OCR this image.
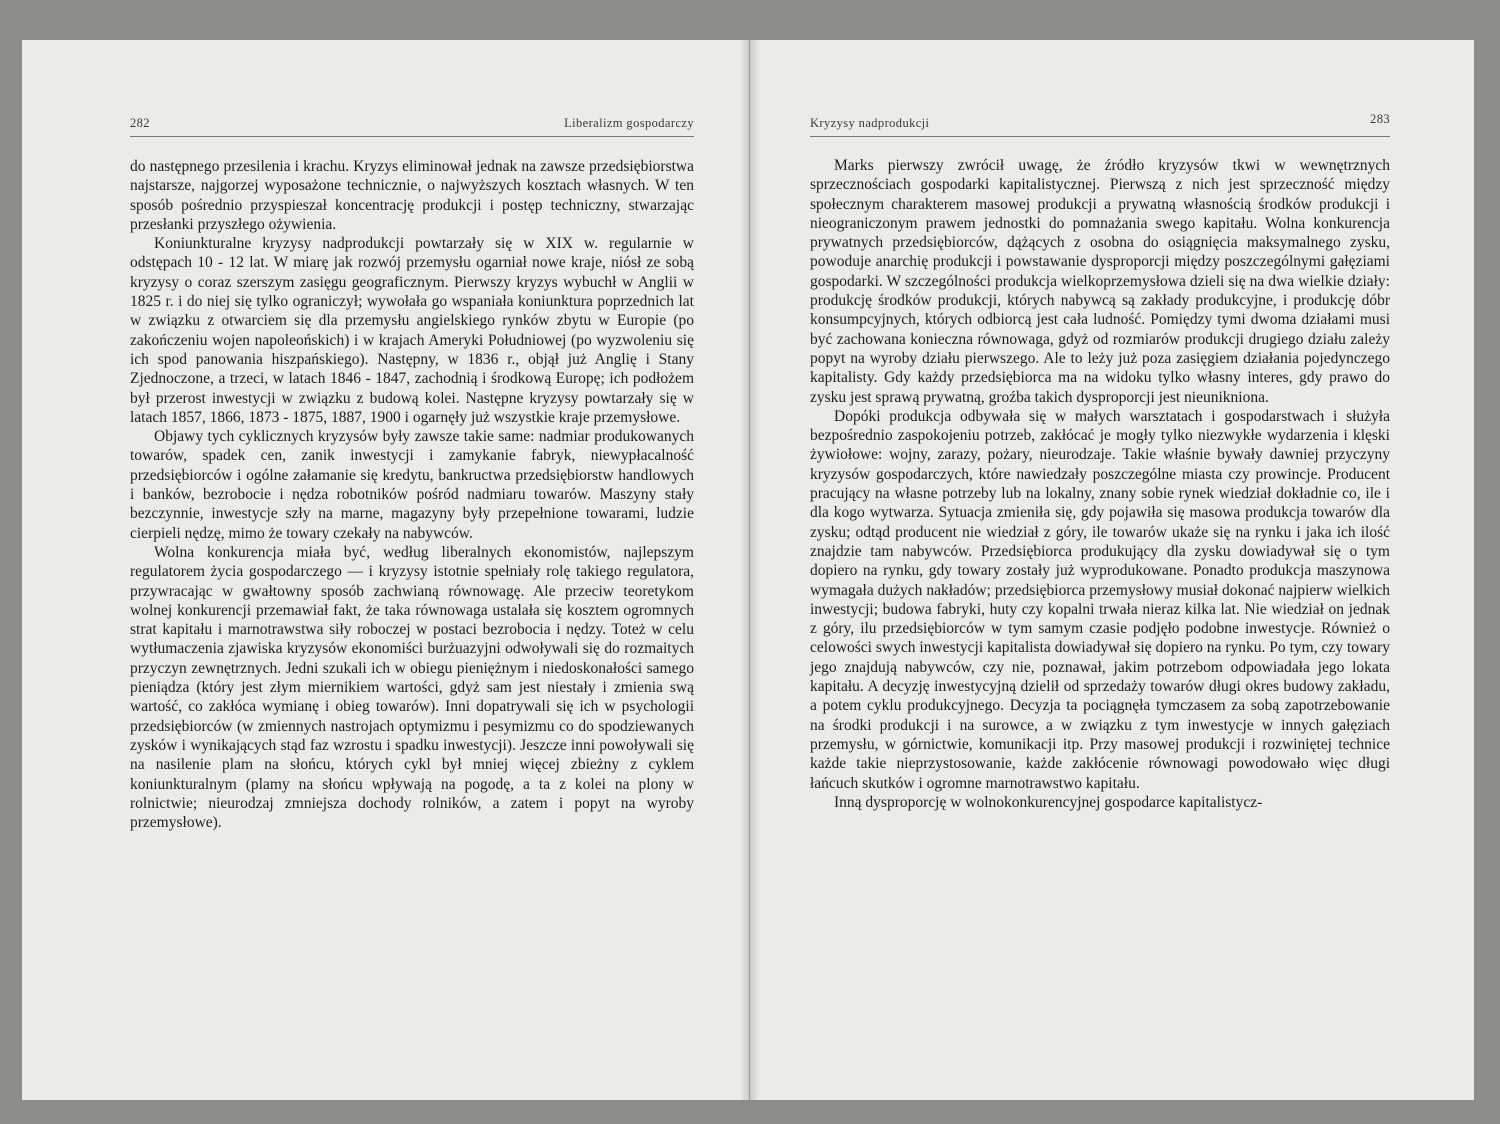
282	Liberalizm gospodarczy

do następnego przesilenia i krachu. Kryzys eliminował jednak na zawsze przedsiębiorstwa najstarsze, najgorzej wyposażone technicznie, o najwyższych kosztach własnych. W ten sposób pośrednio przyspieszał koncentrację produkcji i postęp techniczny, stwarzając przesłanki przyszłego ożywienia.

Koniunkturalne kryzysy nadprodukcji powtarzały się w XIX w. regularnie w odstępach 10 - 12 lat. W miarę jak rozwój przemysłu ogarniał nowe kraje, niósł ze sobą kryzysy o coraz szerszym zasięgu geograficznym. Pierwszy kryzys wybuchł w Anglii w 1825 r. i do niej się tylko ograniczył; wywołała go wspaniała koniunktura poprzednich lat w związku z otwarciem się dla przemysłu angielskiego rynków zbytu w Europie (po zakończeniu wojen napoleońskich) i w krajach Ameryki Południowej (po wyzwoleniu się ich spod panowania hiszpańskiego). Następny, w 1836 r., objął już Anglię i Stany Zjednoczone, a trzeci, w latach 1846 - 1847, zachodnią i środkową Europę; ich podłożem był przerost inwestycji w związku z budową kolei. Następne kryzysy powtarzały się w latach 1857, 1866, 1873 - 1875, 1887, 1900 i ogarnęły już wszystkie kraje przemysłowe.

Objawy tych cyklicznych kryzysów były zawsze takie same: nadmiar produkowanych towarów, spadek cen, zanik inwestycji i zamykanie fabryk, niewypłacalność przedsiębiorców i ogólne załamanie się kredytu, bankructwa przedsiębiorstw handlowych i banków, bezrobocie i nędza robotników pośród nadmiaru towarów. Maszyny stały bezczynnie, inwestycje szły na marne, magazyny były przepełnione towarami, ludzie cierpieli nędzę, mimo że towary czekały na nabywców.

Wolna konkurencja miała być, według liberalnych ekonomistów, najlepszym regulatorem życia gospodarczego — i kryzysy istotnie spełniały rolę takiego regulatora, przywracając w gwałtowny sposób zachwianą równowagę. Ale przeciw teoretykom wolnej konkurencji przemawiał fakt, że taka równowaga ustalała się kosztem ogromnych strat kapitału i marnotrawstwa siły roboczej w postaci bezrobocia i nędzy. Toteż w celu wytłumaczenia zjawiska kryzysów ekonomiści burżuazyjni odwoływali się do rozmaitych przyczyn zewnętrznych. Jedni szukali ich w obiegu pieniężnym i niedoskonałości samego pieniądza (który jest złym miernikiem wartości, gdyż sam jest niestały i zmienia swą wartość, co zakłóca wymianę i obieg towarów). Inni dopatrywali się ich w psychologii przedsiębiorców (w zmiennych nastrojach optymizmu i pesymizmu co do spodziewanych zysków i wynikających stąd faz wzrostu i spadku inwestycji). Jeszcze inni powoływali się na nasilenie plam na słońcu, których cykl był mniej więcej zbieżny z cyklem koniunkturalnym (plamy na słońcu wpływają na pogodę, a ta z kolei na plony w rolnictwie; nieurodzaj zmniejsza dochody rolników, a zatem i popyt na wyroby przemysłowe).

Kryzysy nadprodukcji	283

Marks pierwszy zwrócił uwagę, że źródło kryzysów tkwi w wewnętrznych sprzecznościach gospodarki kapitalistycznej. Pierwszą z nich jest sprzeczność między społecznym charakterem masowej produkcji a prywatną własnością środków produkcji i nieograniczonym prawem jednostki do pomnażania swego kapitału. Wolna konkurencja prywatnych przedsiębiorców, dążących z osobna do osiągnięcia maksymalnego zysku, powoduje anarchię produkcji i powstawanie dysproporcji między poszczególnymi gałęziami gospodarki. W szczególności produkcja wielkoprzemysłowa dzieli się na dwa wielkie działy: produkcję środków produkcji, których nabywcą są zakłady produkcyjne, i produkcję dóbr konsumpcyjnych, których odbiorcą jest cała ludność. Pomiędzy tymi dwoma działami musi być zachowana konieczna równowaga, gdyż od rozmiarów produkcji drugiego działu zależy popyt na wyroby działu pierwszego. Ale to leży już poza zasięgiem działania pojedynczego kapitalisty. Gdy każdy przedsiębiorca ma na widoku tylko własny interes, gdy prawo do zysku jest sprawą prywatną, groźba takich dysproporcji jest nieunikniona.

Dopóki produkcja odbywała się w małych warsztatach i gospodarstwach i służyła bezpośrednio zaspokojeniu potrzeb, zakłócać je mogły tylko niezwykłe wydarzenia i klęski żywiołowe: wojny, zarazy, pożary, nieurodzaje. Takie właśnie bywały dawniej przyczyny kryzysów gospodarczych, które nawiedzały poszczególne miasta czy prowincje. Producent pracujący na własne potrzeby lub na lokalny, znany sobie rynek wiedział dokładnie co, ile i dla kogo wytwarza. Sytuacja zmieniła się, gdy pojawiła się masowa produkcja towarów dla zysku; odtąd producent nie wiedział z góry, ile towarów ukaże się na rynku i jaka ich ilość znajdzie tam nabywców. Przedsiębiorca produkujący dla zysku dowiadywał się o tym dopiero na rynku, gdy towary zostały już wyprodukowane. Ponadto produkcja maszynowa wymagała dużych nakładów; przedsiębiorca przemysłowy musiał dokonać najpierw wielkich inwestycji; budowa fabryki, huty czy kopalni trwała nieraz kilka lat. Nie wiedział on jednak z góry, ilu przedsiębiorców w tym samym czasie podjęło podobne inwestycje. Również o celowości swych inwestycji kapitalista dowiadywał się dopiero na rynku. Po tym, czy towary jego znajdują nabywców, czy nie, poznawał, jakim potrzebom odpowiadała jego lokata kapitału. A decyzję inwestycyjną dzielił od sprzedaży towarów długi okres budowy zakładu, a potem cyklu produkcyjnego. Decyzja ta pociągnęła tymczasem za sobą zapotrzebowanie na środki produkcji i na surowce, a w związku z tym inwestycje w innych gałęziach przemysłu, w górnictwie, komunikacji itp. Przy masowej produkcji i rozwiniętej technice każde takie nieprzystosowanie, każde zakłócenie równowagi powodowało więc długi łańcuch skutków i ogromne marnotrawstwo kapitału.

Inną dysproporcję w wolnokonkurencyjnej gospodarce kapitalistycz-
